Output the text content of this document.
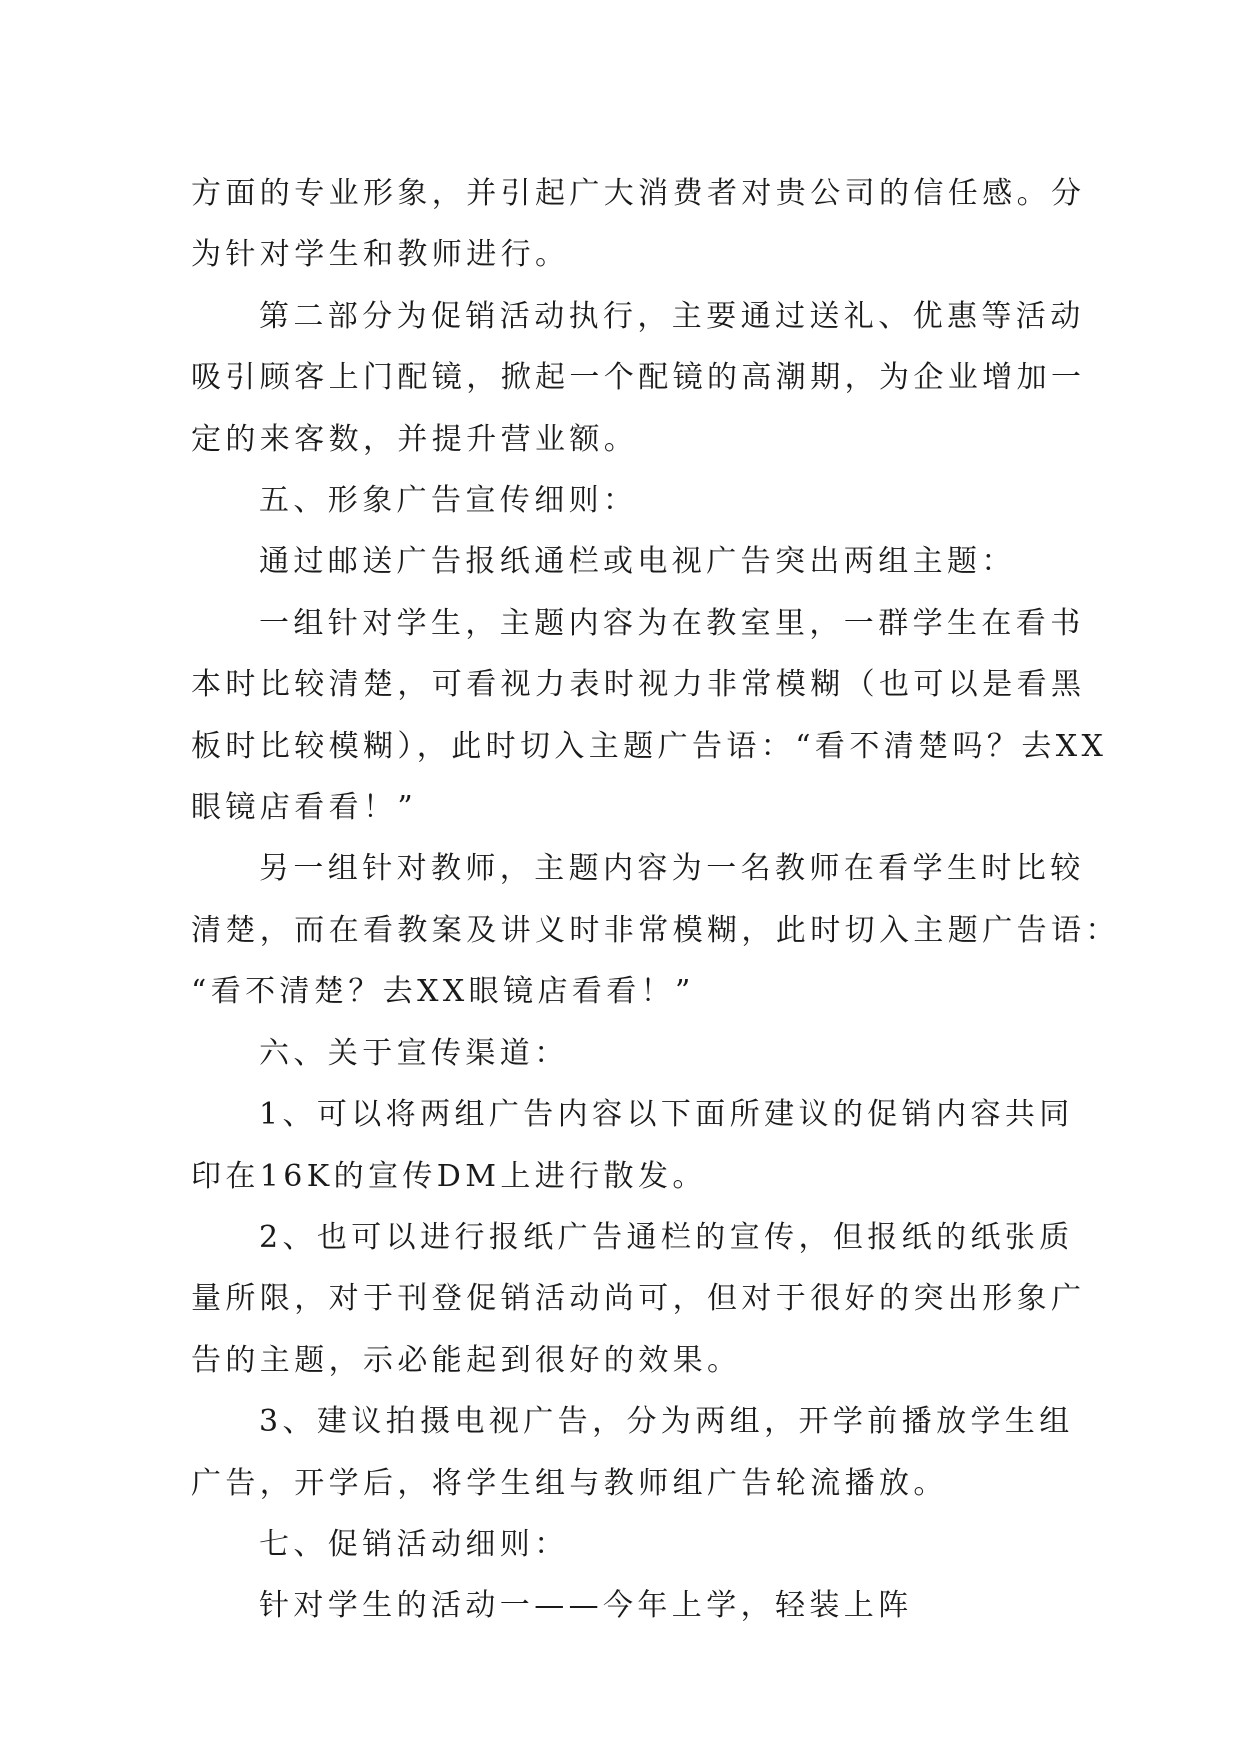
方面的专业形象，并引起广大消费者对贵公司的信任感。分
为针对学生和教师进行。

第二部分为促销活动执行，主要通过送礼、优惠等活动
吸引顾客上门配镜，掀起一个配镜的高潮期，为企业增加一
定的来客数，并提升营业额。

五、形象广告宣传细则：

通过邮送广告报纸通栏或电视广告突出两组主题：

一组针对学生，主题内容为在教室里，一群学生在看书
本时比较清楚，可看视力表时视力非常模糊（也可以是看黑
板时比较模糊），此时切入主题广告语：“看不清楚吗？去XX
眼镜店看看！”

另一组针对教师，主题内容为一名教师在看学生时比较
清楚，而在看教案及讲义时非常模糊，此时切入主题广告语：
“看不清楚？去XX眼镜店看看！”

六、关于宣传渠道：

1、可以将两组广告内容以下面所建议的促销内容共同
印在16K的宣传DM上进行散发。

2、也可以进行报纸广告通栏的宣传，但报纸的纸张质
量所限，对于刊登促销活动尚可，但对于很好的突出形象广
告的主题，示必能起到很好的效果。

3、建议拍摄电视广告，分为两组，开学前播放学生组
广告，开学后，将学生组与教师组广告轮流播放。

七、促销活动细则：

针对学生的活动一——今年上学，轻装上阵
